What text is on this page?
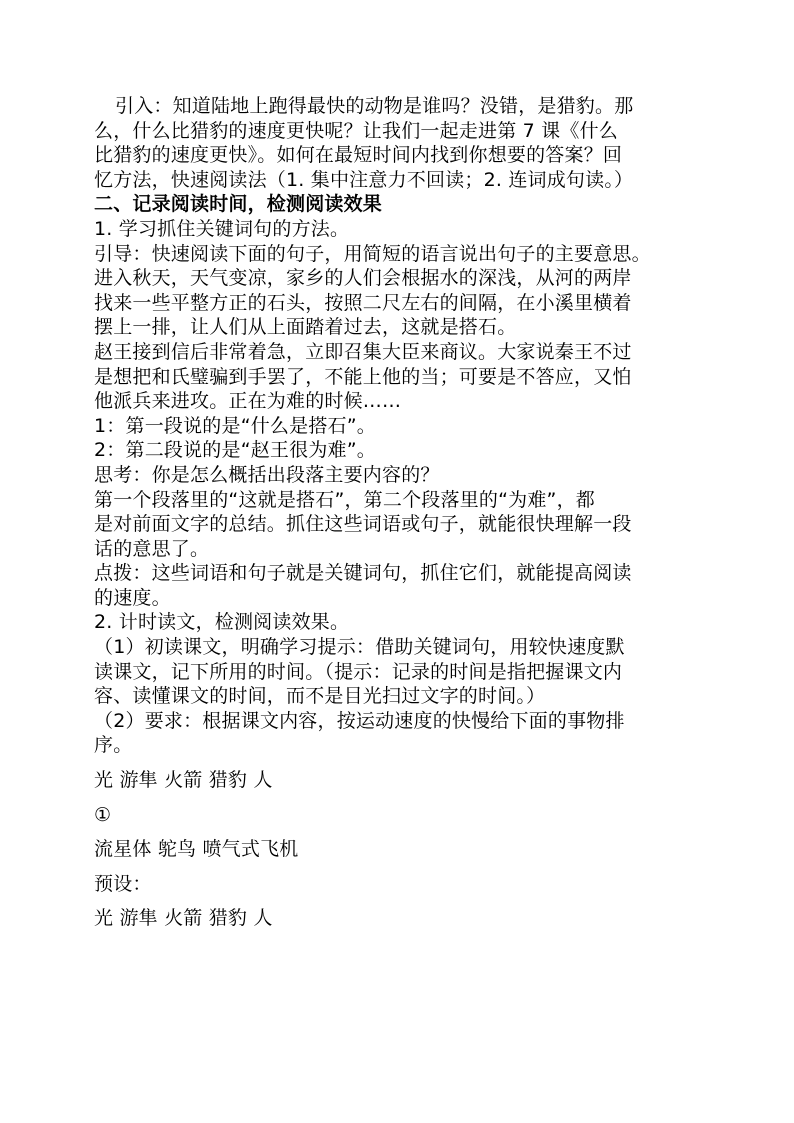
引入：知道陆地上跑得最快的动物是谁吗？没错，是猎豹。那
么，什么比猎豹的速度更快呢？让我们一起走进第 7 课《什么
比猎豹的速度更快》。如何在最短时间内找到你想要的答案？回
忆方法，快速阅读法（1. 集中注意力不回读；2. 连词成句读。）
二、记录阅读时间，检测阅读效果
1. 学习抓住关键词句的方法。
引导：快速阅读下面的句子，用简短的语言说出句子的主要意思。
进入秋天，天气变凉，家乡的人们会根据水的深浅，从河的两岸
找来一些平整方正的石头，按照二尺左右的间隔，在小溪里横着
摆上一排，让人们从上面踏着过去，这就是搭石。
赵王接到信后非常着急，立即召集大臣来商议。大家说秦王不过
是想把和氏璧骗到手罢了，不能上他的当；可要是不答应，又怕
他派兵来进攻。正在为难的时候……
1：第一段说的是“什么是搭石”。
2：第二段说的是“赵王很为难”。
思考：你是怎么概括出段落主要内容的？
第一个段落里的“这就是搭石”，第二个段落里的“为难”，都
是对前面文字的总结。抓住这些词语或句子，就能很快理解一段
话的意思了。
点拨：这些词语和句子就是关键词句，抓住它们，就能提高阅读
的速度。
2. 计时读文，检测阅读效果。
（1）初读课文，明确学习提示：借助关键词句，用较快速度默
读课文，记下所用的时间。（提示：记录的时间是指把握课文内
容、读懂课文的时间，而不是目光扫过文字的时间。）
（2）要求：根据课文内容，按运动速度的快慢给下面的事物排
序。
光 游隼 火箭 猎豹 人
①
流星体 鸵鸟 喷气式飞机
预设：
光 游隼 火箭 猎豹 人
